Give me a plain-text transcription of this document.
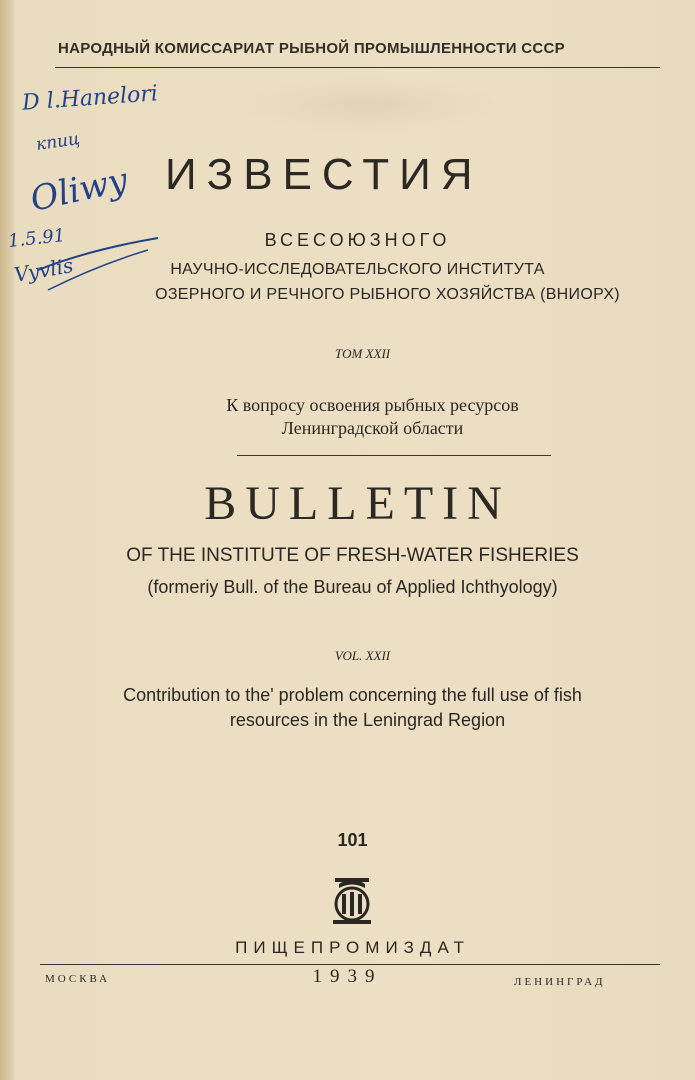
НАРОДНЫЙ КОМИССАРИАТ РЫБНОЙ ПРОМЫШЛЕННОСТИ СССР
ИЗВЕСТИЯ
ВСЕСОЮЗНОГО
НАУЧНО-ИССЛЕДОВАТЕЛЬСКОГО ИНСТИТУТА
ОЗЕРНОГО И РЕЧНОГО РЫБНОГО ХОЗЯЙСТВА (ВНИОРХ)
ТОМ XXII
К вопросу освоения рыбных ресурсов
Ленинградской области
BULLETIN
OF THE INSTITUTE OF FRESH-WATER FISHERIES
(formeriy Bull. of the Bureau of Applied Ichthyology)
VOL. XXII
Contribution to the' problem concerning the full use of fish
resources in the Leningrad Region
101
ПИЩЕПРОМИЗДАТ
МОСКВА	1939	ЛЕНИНГРАД
D l.Hanelori
кпиц
Oliwy
1.5.91
Vyvlis
